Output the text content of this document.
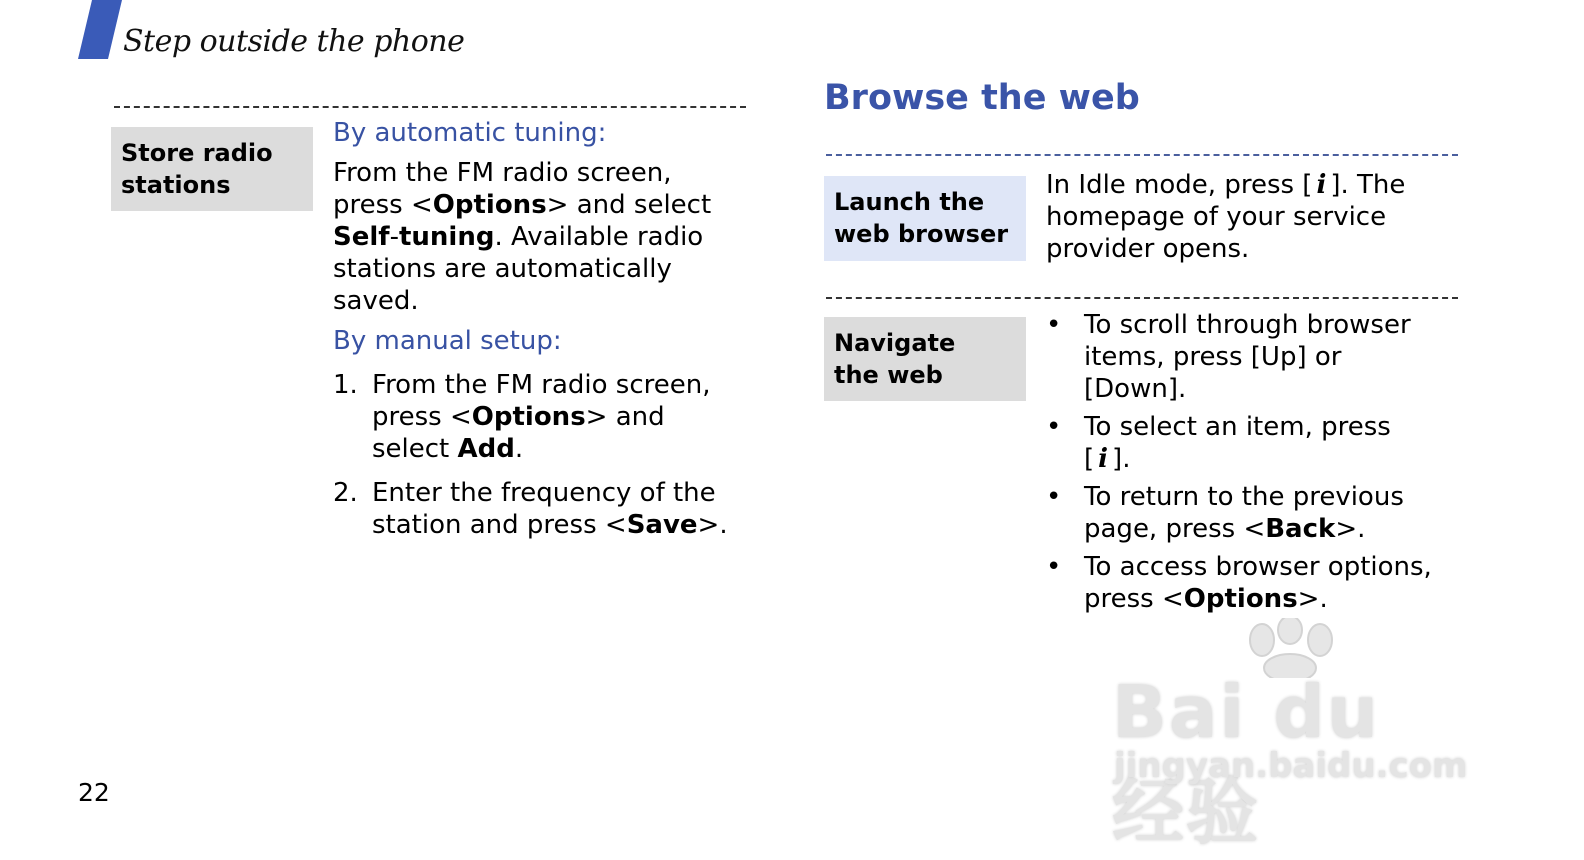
Step outside the phone
Store radio
stations
By automatic tuning:
From the FM radio screen,
press <Options> and select
Self-tuning. Available radio
stations are automatically
saved.
By manual setup:
1. From the FM radio screen,
press <Options> and
select Add.
2. Enter the frequency of the
station and press <Save>.
Browse the web
Launch the
web browser
In Idle mode, press [ i ]. The
homepage of your service
provider opens.
Navigate
the web
• To scroll through browser
items, press [Up] or
[Down].
• To select an item, press
[ i ].
• To return to the previous
page, press <Back>.
• To access browser options,
press <Options>.
Bai du 经验
jingyan.baidu.com
22
